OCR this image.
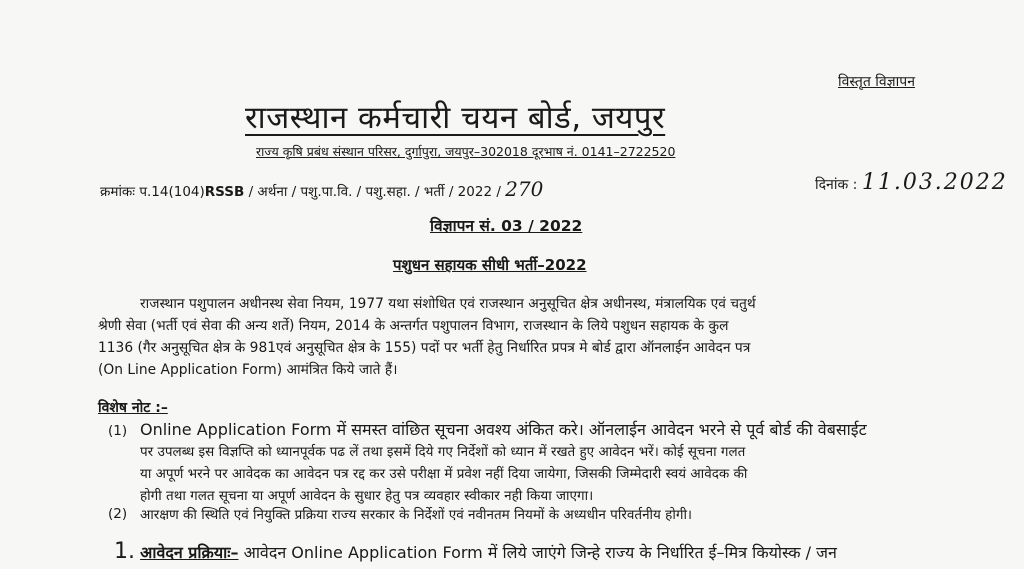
विस्तृत विज्ञापन
राजस्थान कर्मचारी चयन बोर्ड, जयपुर
राज्य कृषि प्रबंध संस्थान परिसर, दुर्गापुरा, जयपुर–302018 दूरभाष नं. 0141–2722520
क्रमांकः प.14(104)RSSB / अर्थना / पशु.पा.वि. / पशु.सहा. / भर्ती / 2022 / 270	दिनांक : 11.03.2022
विज्ञापन सं. 03 / 2022
पशुधन सहायक सीधी भर्ती–2022
राजस्थान पशुपालन अधीनस्थ सेवा नियम, 1977 यथा संशोधित एवं राजस्थान अनुसूचित क्षेत्र अधीनस्थ, मंत्रालयिक एवं चतुर्थ
श्रेणी सेवा (भर्ती एवं सेवा की अन्य शर्ते) नियम, 2014 के अन्तर्गत पशुपालन विभाग, राजस्थान के लिये पशुधन सहायक के कुल
1136 (गैर अनुसूचित क्षेत्र के 981एवं अनुसूचित क्षेत्र के 155) पदों पर भर्ती हेतु निर्धारित प्रपत्र मे बोर्ड द्वारा ऑनलाईन आवेदन पत्र
(On Line Application Form) आमंत्रित किये जाते हैं।
विशेष नोट :–
(1) Online Application Form में समस्त वांछित सूचना अवश्य अंकित करे। ऑनलाईन आवेदन भरने से पूर्व बोर्ड की वेबसाईट
पर उपलब्ध इस विज्ञप्ति को ध्यानपूर्वक पढ लें तथा इसमें दिये गए निर्देशों को ध्यान में रखते हुए आवेदन भरें। कोई सूचना गलत
या अपूर्ण भरने पर आवेदक का आवेदन पत्र रद्द कर उसे परीक्षा में प्रवेश नहीं दिया जायेगा, जिसकी जिम्मेदारी स्वयं आवेदक की
होगी तथा गलत सूचना या अपूर्ण आवेदन के सुधार हेतु पत्र व्यवहार स्वीकार नही किया जाएगा।
(2) आरक्षण की स्थिति एवं नियुक्ति प्रक्रिया राज्य सरकार के निर्देशों एवं नवीनतम नियमों के अध्यधीन परिवर्तनीय होगी।
1. आवेदन प्रक्रियाः– आवेदन Online Application Form में लिये जाएंगे जिन्हे राज्य के निर्धारित ई–मित्र कियोस्क / जन
